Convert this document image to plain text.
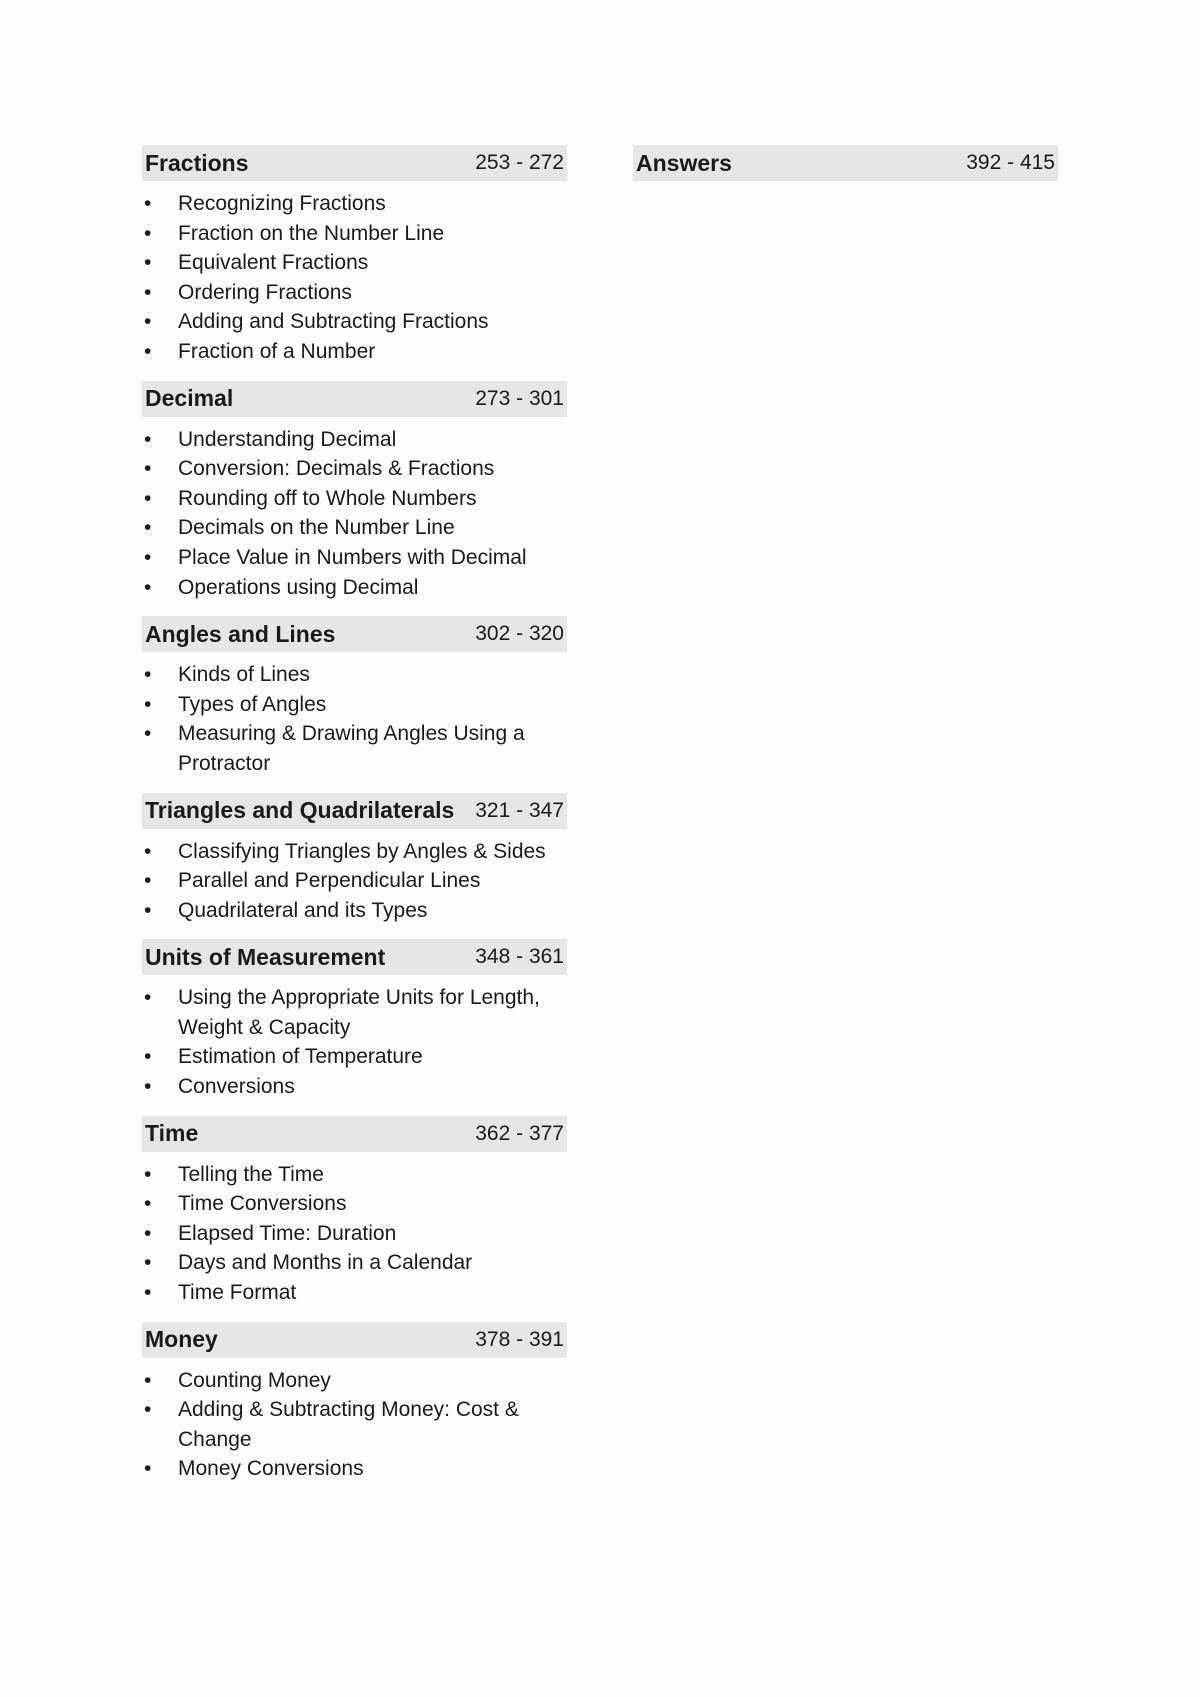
Fractions	253 - 272
• Recognizing Fractions
• Fraction on the Number Line
• Equivalent Fractions
• Ordering Fractions
• Adding and Subtracting Fractions
• Fraction of a Number
Decimal	273 - 301
• Understanding Decimal
• Conversion: Decimals & Fractions
• Rounding off to Whole Numbers
• Decimals on the Number Line
• Place Value in Numbers with Decimal
• Operations using Decimal
Angles and Lines	302 - 320
• Kinds of Lines
• Types of Angles
• Measuring & Drawing Angles Using a Protractor
Triangles and Quadrilaterals 321 - 347
• Classifying Triangles by Angles & Sides
• Parallel and Perpendicular Lines
• Quadrilateral and its Types
Units of Measurement	348 - 361
• Using the Appropriate Units for Length, Weight & Capacity
• Estimation of Temperature
• Conversions
Time	362 - 377
• Telling the Time
• Time Conversions
• Elapsed Time: Duration
• Days and Months in a Calendar
• Time Format
Money	378 - 391
• Counting Money
• Adding & Subtracting Money: Cost & Change
• Money Conversions
Answers	392 - 415
